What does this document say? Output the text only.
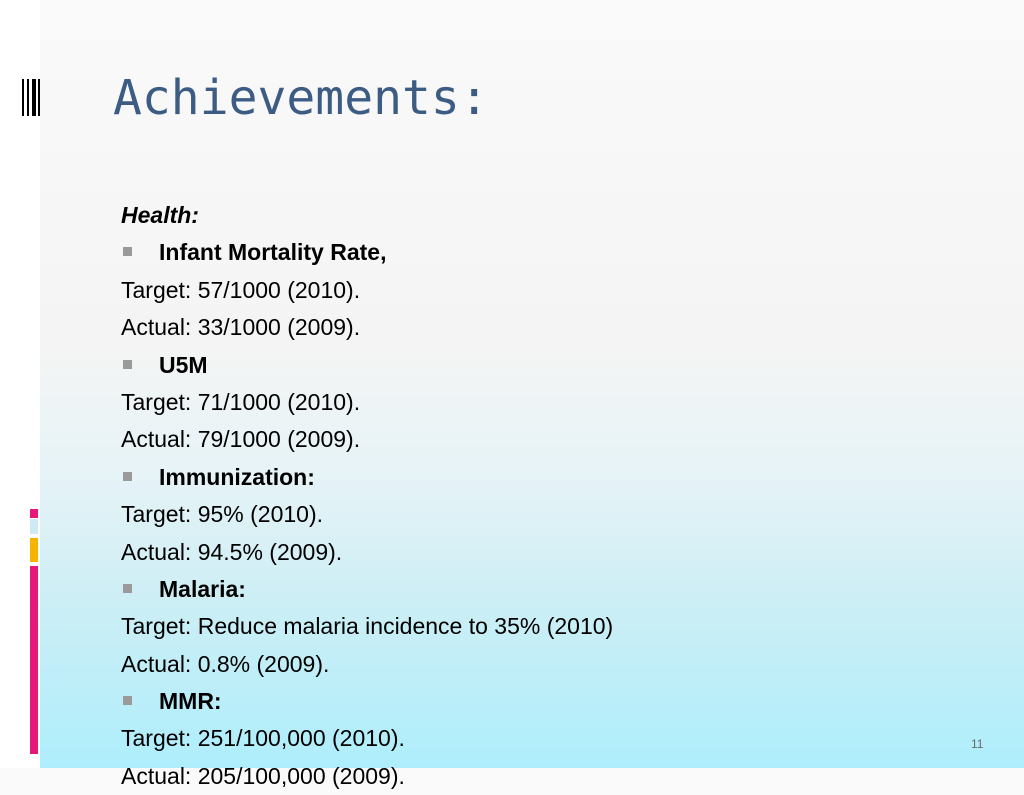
Achievements:
Health:
Infant Mortality Rate,
Target: 57/1000 (2010).
Actual: 33/1000 (2009).
U5M
Target: 71/1000 (2010).
Actual: 79/1000 (2009).
Immunization:
Target: 95% (2010).
Actual: 94.5% (2009).
Malaria:
Target: Reduce malaria incidence to 35% (2010)
Actual: 0.8% (2009).
MMR:
Target: 251/100,000 (2010).
Actual: 205/100,000 (2009).
11
